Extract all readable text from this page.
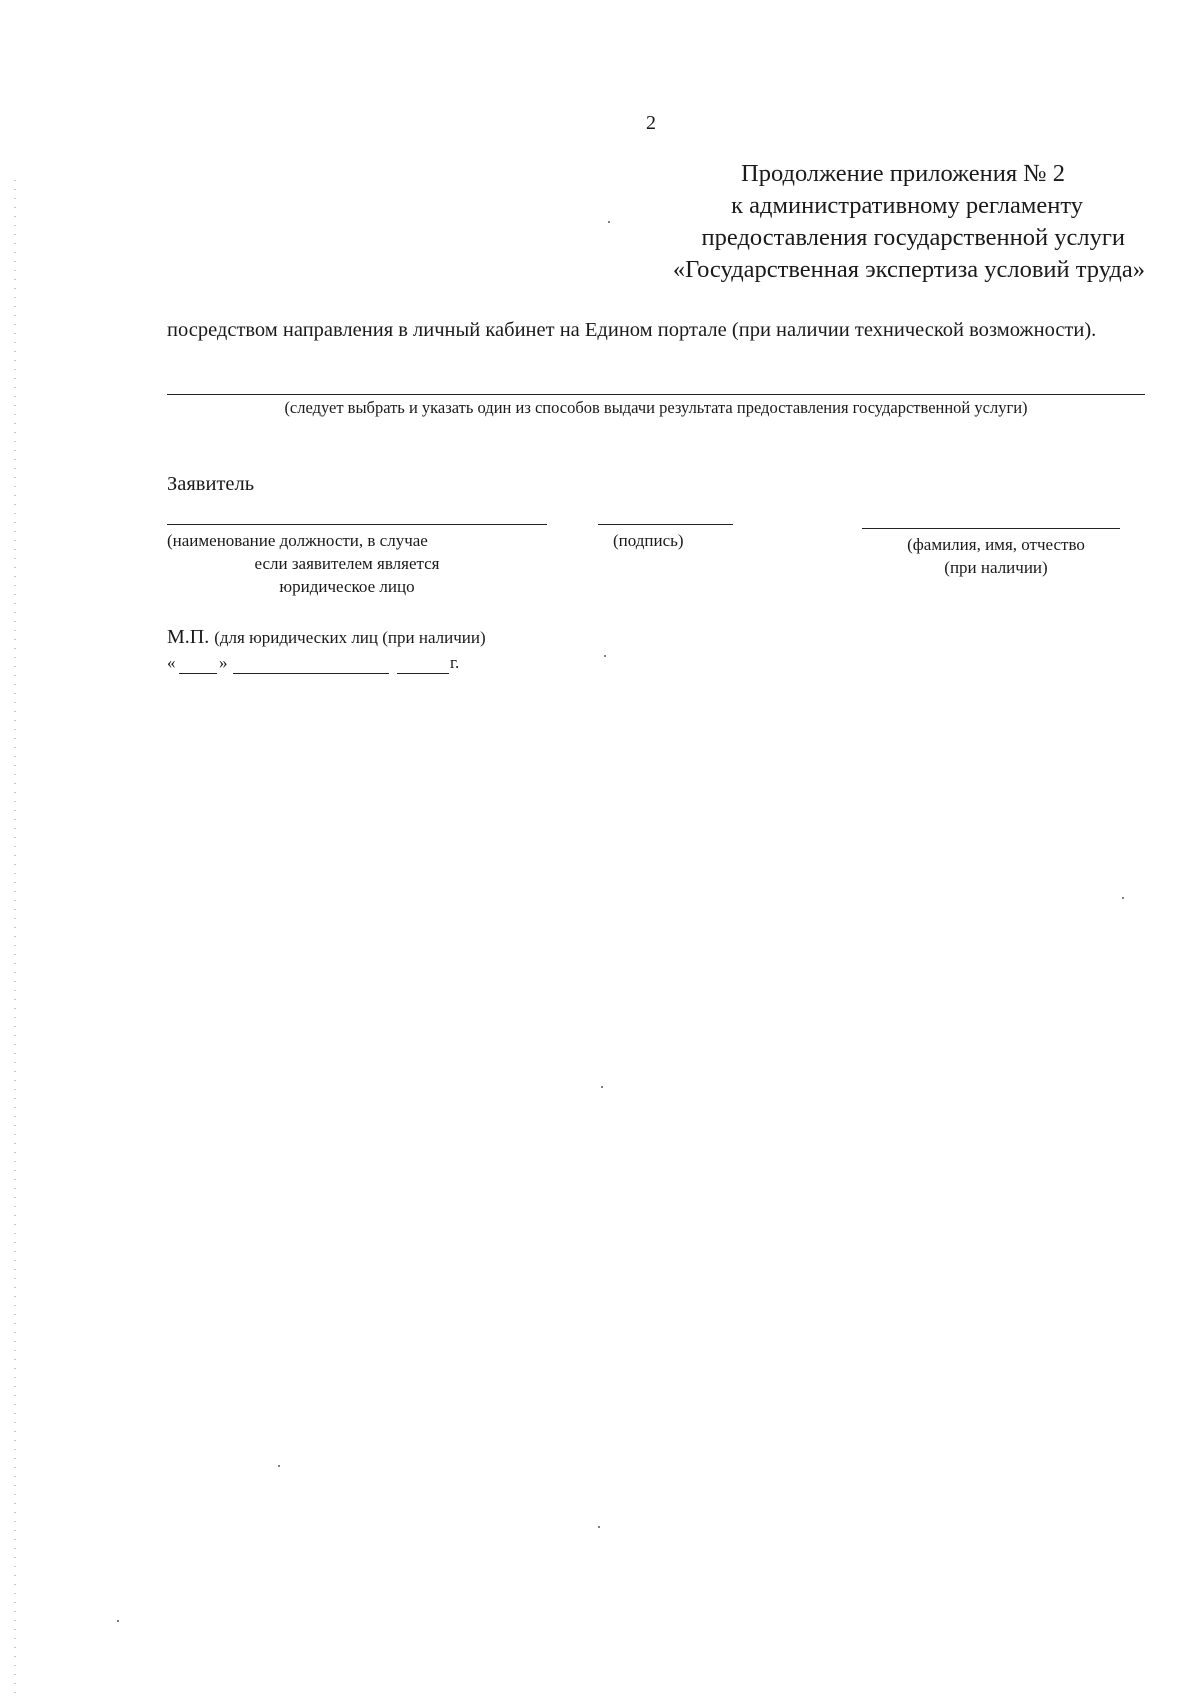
2
Продолжение приложения № 2
к административному регламенту
предоставления государственной услуги
«Государственная экспертиза условий труда»
посредством направления в личный кабинет на Едином портале (при наличии технической возможности).
(следует выбрать и указать один из способов выдачи результата предоставления государственной услуги)
Заявитель
(наименование должности, в случае
если заявителем является
юридическое лицо
(подпись)	(фамилия, имя, отчество
(при наличии)
М.П. (для юридических лиц (при наличии)
«	»	г.
